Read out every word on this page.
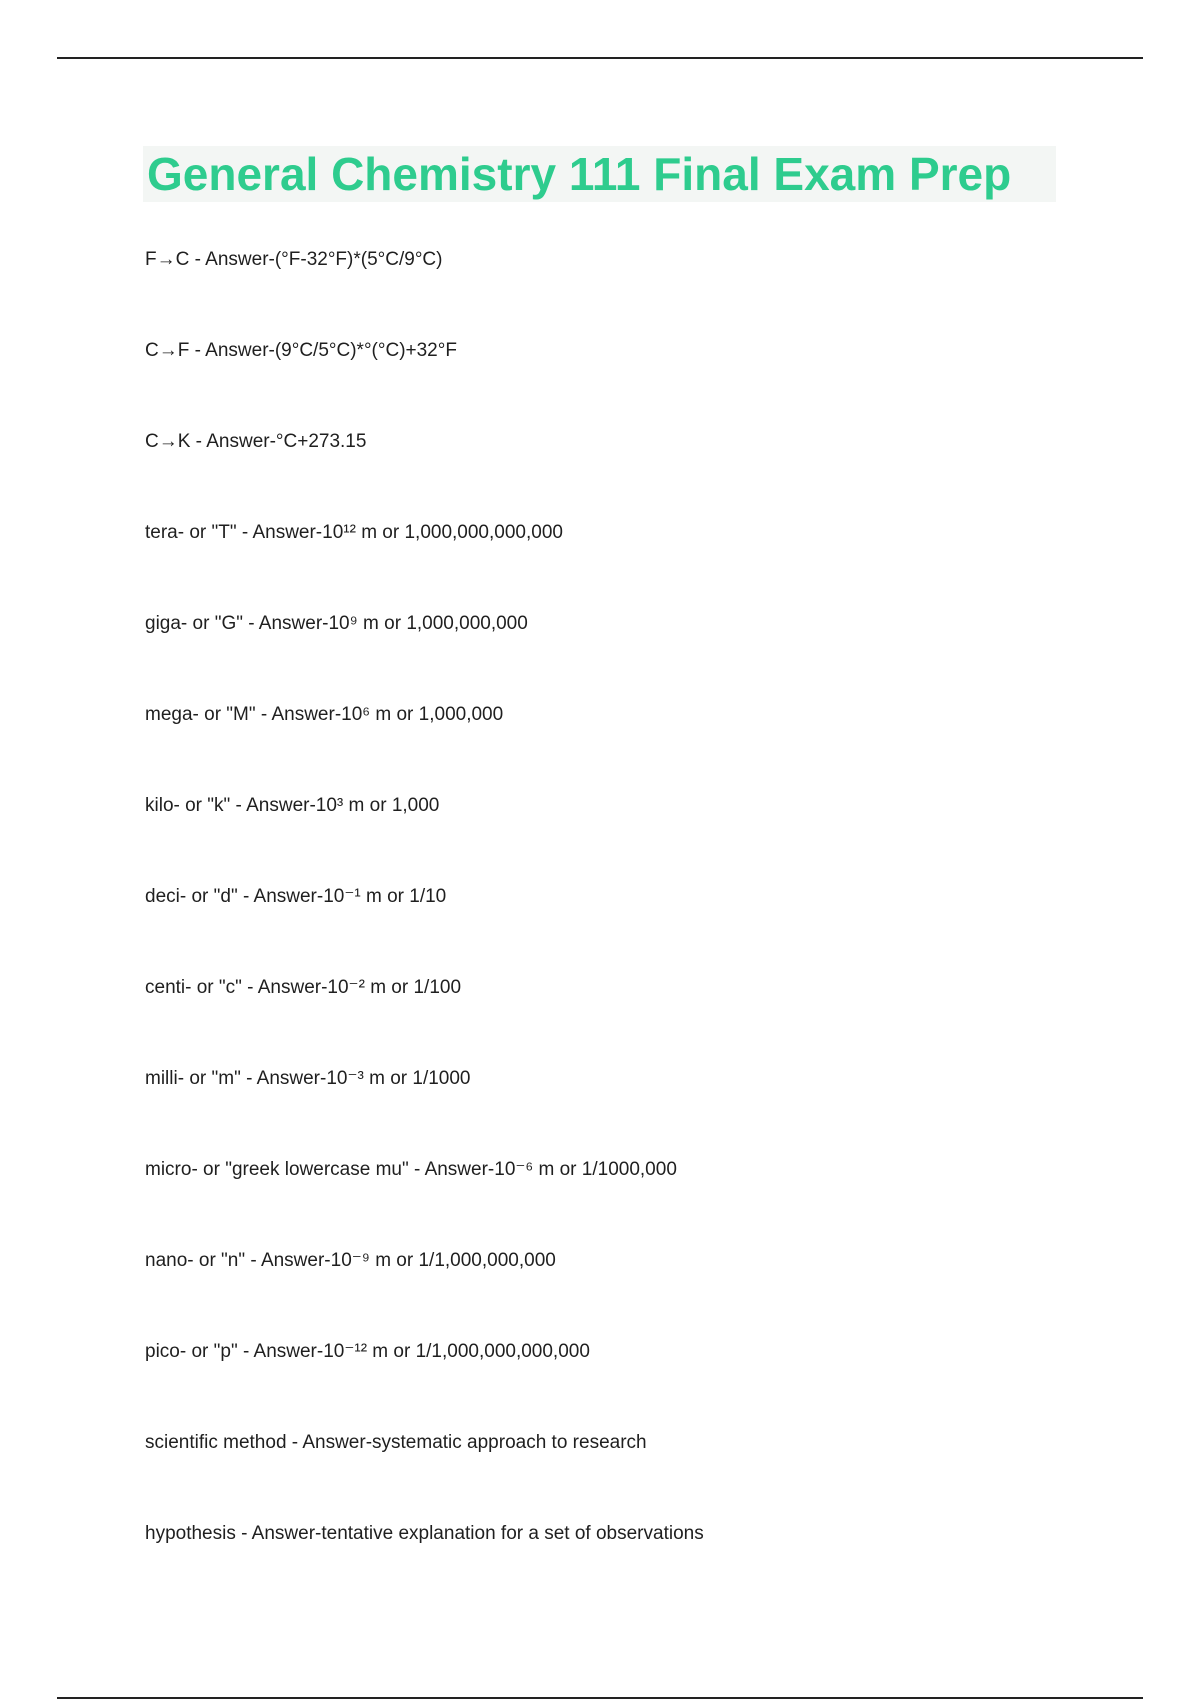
General Chemistry 111 Final Exam Prep
F→C - Answer-(°F-32°F)*(5°C/9°C)
C→F - Answer-(9°C/5°C)*°(°C)+32°F
C→K - Answer-°C+273.15
tera- or "T" - Answer-10¹² m or 1,000,000,000,000
giga- or "G" - Answer-10⁹ m or 1,000,000,000
mega- or "M" - Answer-10⁶ m or 1,000,000
kilo- or "k" - Answer-10³ m or 1,000
deci- or "d" - Answer-10⁻¹ m or 1/10
centi- or "c" - Answer-10⁻² m or 1/100
milli- or "m" - Answer-10⁻³ m or 1/1000
micro- or "greek lowercase mu" - Answer-10⁻⁶ m or 1/1000,000
nano- or "n" - Answer-10⁻⁹ m or 1/1,000,000,000
pico- or "p" - Answer-10⁻¹² m or 1/1,000,000,000,000
scientific method - Answer-systematic approach to research
hypothesis - Answer-tentative explanation for a set of observations
